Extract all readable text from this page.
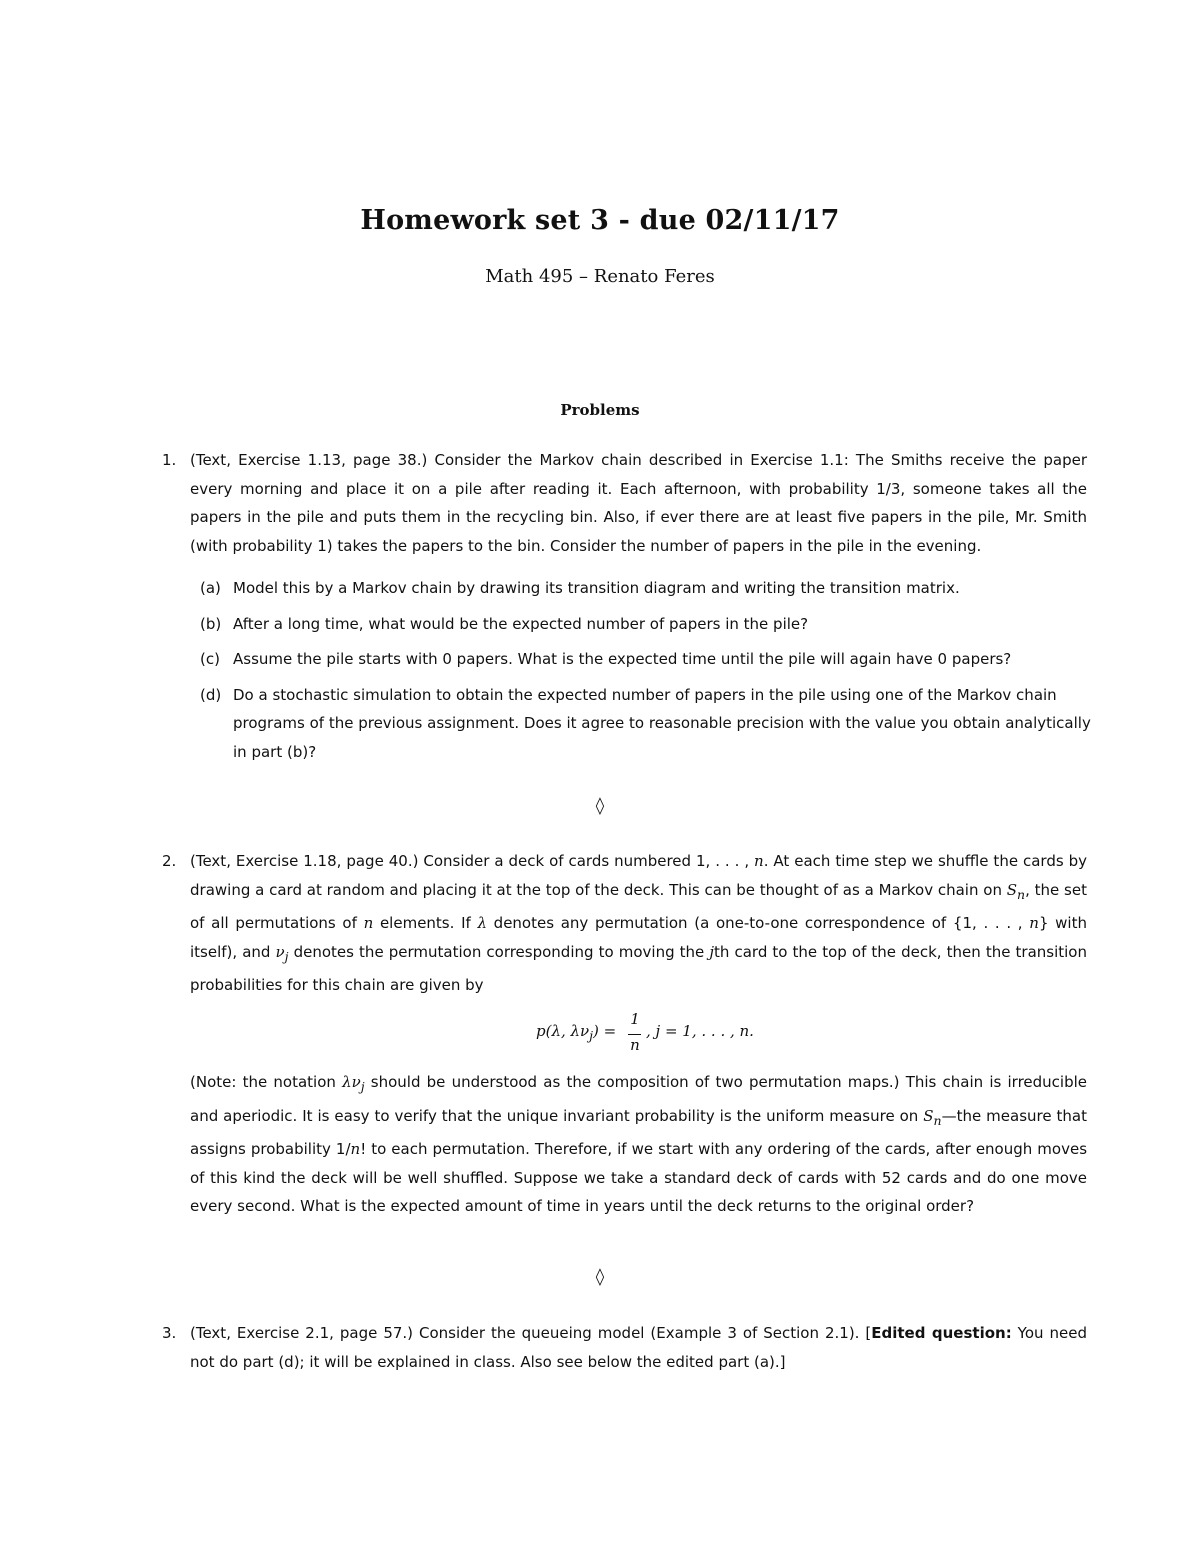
Homework set 3 - due 02/11/17
Math 495 – Renato Feres
Problems
1. (Text, Exercise 1.13, page 38.) Consider the Markov chain described in Exercise 1.1: The Smiths receive the paper every morning and place it on a pile after reading it. Each afternoon, with probability 1/3, someone takes all the papers in the pile and puts them in the recycling bin. Also, if ever there are at least five papers in the pile, Mr. Smith (with probability 1) takes the papers to the bin. Consider the number of papers in the pile in the evening.
(a) Model this by a Markov chain by drawing its transition diagram and writing the transition matrix.
(b) After a long time, what would be the expected number of papers in the pile?
(c) Assume the pile starts with 0 papers. What is the expected time until the pile will again have 0 papers?
(d) Do a stochastic simulation to obtain the expected number of papers in the pile using one of the Markov chain programs of the previous assignment. Does it agree to reasonable precision with the value you obtain analytically in part (b)?
◊
2. (Text, Exercise 1.18, page 40.) Consider a deck of cards numbered 1, . . . , n. At each time step we shuffle the cards by drawing a card at random and placing it at the top of the deck. This can be thought of as a Markov chain on $S_n$, the set of all permutations of n elements. If λ denotes any permutation (a one-to-one correspondence of {1, . . . , n} with itself), and $\nu_j$ denotes the permutation corresponding to moving the jth card to the top of the deck, then the transition probabilities for this chain are given by
p(λ, $\lambda\nu_j$) =
1
n
, j = 1, . . . , n.
(Note: the notation $\lambda\nu_j$ should be understood as the composition of two permutation maps.) This chain is irreducible and aperiodic. It is easy to verify that the unique invariant probability is the uniform measure on $S_n—the$ measure that assigns probability 1/n! to each permutation. Therefore, if we start with any ordering of the cards, after enough moves of this kind the deck will be well shuffled. Suppose we take a standard deck of cards with 52 cards and do one move every second. What is the expected amount of time in years until the deck returns to the original order?
◊
3. (Text, Exercise 2.1, page 57.) Consider the queueing model (Example 3 of Section 2.1). [Edited question: You need not do part (d); it will be explained in class. Also see below the edited part (a).]
